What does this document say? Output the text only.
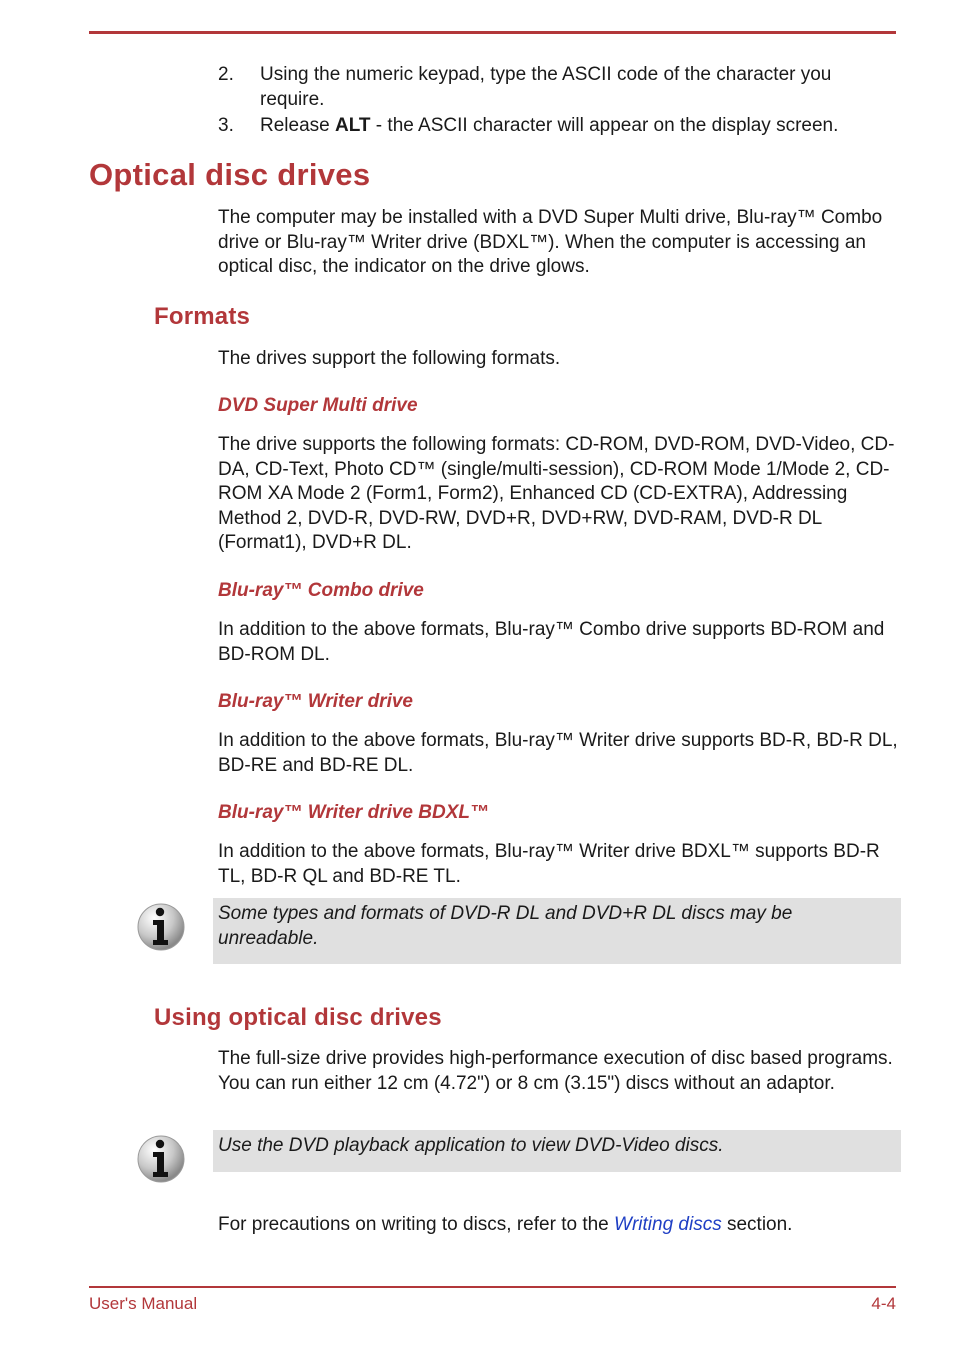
2. Using the numeric keypad, type the ASCII code of the character you require.
3. Release ALT - the ASCII character will appear on the display screen.
Optical disc drives
The computer may be installed with a DVD Super Multi drive, Blu-ray™ Combo drive or Blu-ray™ Writer drive (BDXL™). When the computer is accessing an optical disc, the indicator on the drive glows.
Formats
The drives support the following formats.
DVD Super Multi drive
The drive supports the following formats: CD-ROM, DVD-ROM, DVD-Video, CD-DA, CD-Text, Photo CD™ (single/multi-session), CD-ROM Mode 1/Mode 2, CD-ROM XA Mode 2 (Form1, Form2), Enhanced CD (CD-EXTRA), Addressing Method 2, DVD-R, DVD-RW, DVD+R, DVD+RW, DVD-RAM, DVD-R DL (Format1), DVD+R DL.
Blu-ray™ Combo drive
In addition to the above formats, Blu-ray™ Combo drive supports BD-ROM and BD-ROM DL.
Blu-ray™ Writer drive
In addition to the above formats, Blu-ray™ Writer drive supports BD-R, BD-R DL, BD-RE and BD-RE DL.
Blu-ray™ Writer drive BDXL™
In addition to the above formats, Blu-ray™ Writer drive BDXL™ supports BD-R TL, BD-R QL and BD-RE TL.
Some types and formats of DVD-R DL and DVD+R DL discs may be unreadable.
Using optical disc drives
The full-size drive provides high-performance execution of disc based programs. You can run either 12 cm (4.72") or 8 cm (3.15") discs without an adaptor.
Use the DVD playback application to view DVD-Video discs.
For precautions on writing to discs, refer to the Writing discs section.
User's Manual	4-4
